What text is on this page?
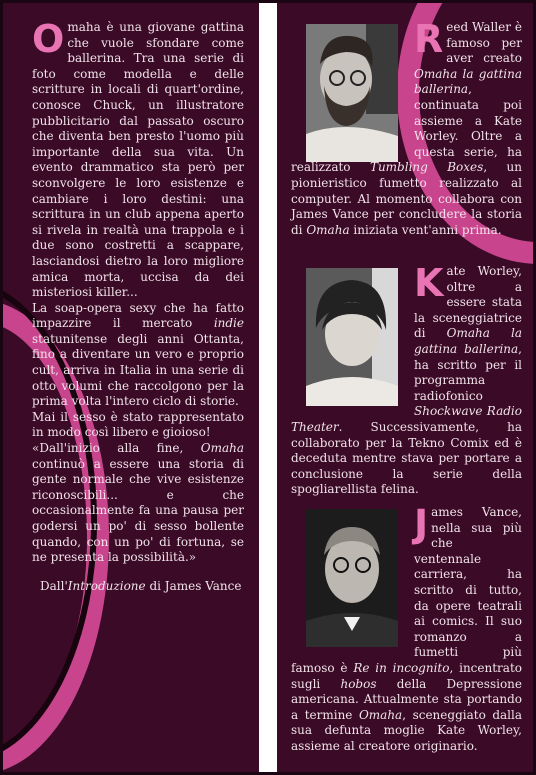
Omaha è una giovane gattina che vuole sfondare come ballerina. Tra una serie di foto come modella e delle scritture in locali di quart'ordine, conosce Chuck, un illustratore pubblicitario dal passato oscuro che diventa ben presto l'uomo più importante della sua vita. Un evento drammatico sta però per sconvolgere le loro esistenze e cambiare i loro destini: una scrittura in un club appena aperto si rivela in realtà una trappola e i due sono costretti a scappare, lasciandosi dietro la loro migliore amica morta, uccisa da dei misteriosi killer...

La soap-opera sexy che ha fatto impazzire il mercato indie statunitense degli anni Ottanta, fino a diventare un vero e proprio cult, arriva in Italia in una serie di otto volumi che raccolgono per la prima volta l'intero ciclo di storie.

Mai il sesso è stato rappresentato in modo così libero e gioioso!

«Dall'inizio alla fine, Omaha continuò a essere una storia di gente normale che vive esistenze riconoscibili... e che occasionalmente fa una pausa per godersi un po' di sesso bollente quando, con un po' di fortuna, se ne presenta la possibilità.»

Dall'Introduzione di James Vance

Reed Waller è famoso per aver creato Omaha la gattina ballerina, continuata poi assieme a Kate Worley. Oltre a questa serie, ha realizzato Tumbling Boxes, un pionieristico fumetto realizzato al computer. Al momento collabora con James Vance per concludere la storia di Omaha iniziata vent'anni prima.

Kate Worley, oltre a essere stata la sceneggiatrice di Omaha la gattina ballerina, ha scritto per il programma radiofonico Shockwave Radio Theater. Successivamente, ha collaborato per la Tekno Comix ed è deceduta mentre stava per portare a conclusione la serie della spogliarellista felina.

James Vance, nella sua più che ventennale carriera, ha scritto di tutto, da opere teatrali ai comics. Il suo romanzo a fumetti più famoso è Re in incognito, incentrato sugli hobos della Depressione americana. Attualmente sta portando a termine Omaha, sceneggiato dalla sua defunta moglie Kate Worley, assieme al creatore originario.
